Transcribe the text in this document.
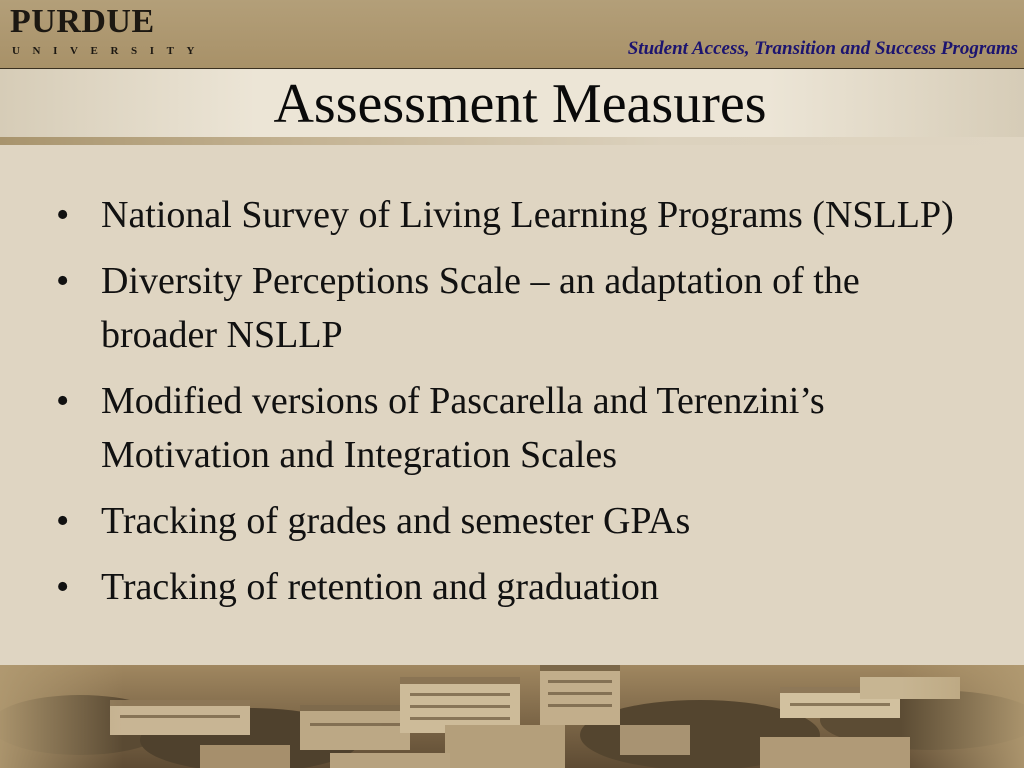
PURDUE
UNIVERSITY	Student Access, Transition and Success Programs
Assessment Measures
• National Survey of Living Learning Programs (NSLLP)
• Diversity Perceptions Scale – an adaptation of the broader NSLLP
• Modified versions of Pascarella and Terenzini’s Motivation and Integration Scales
• Tracking of grades and semester GPAs
• Tracking of retention and graduation
